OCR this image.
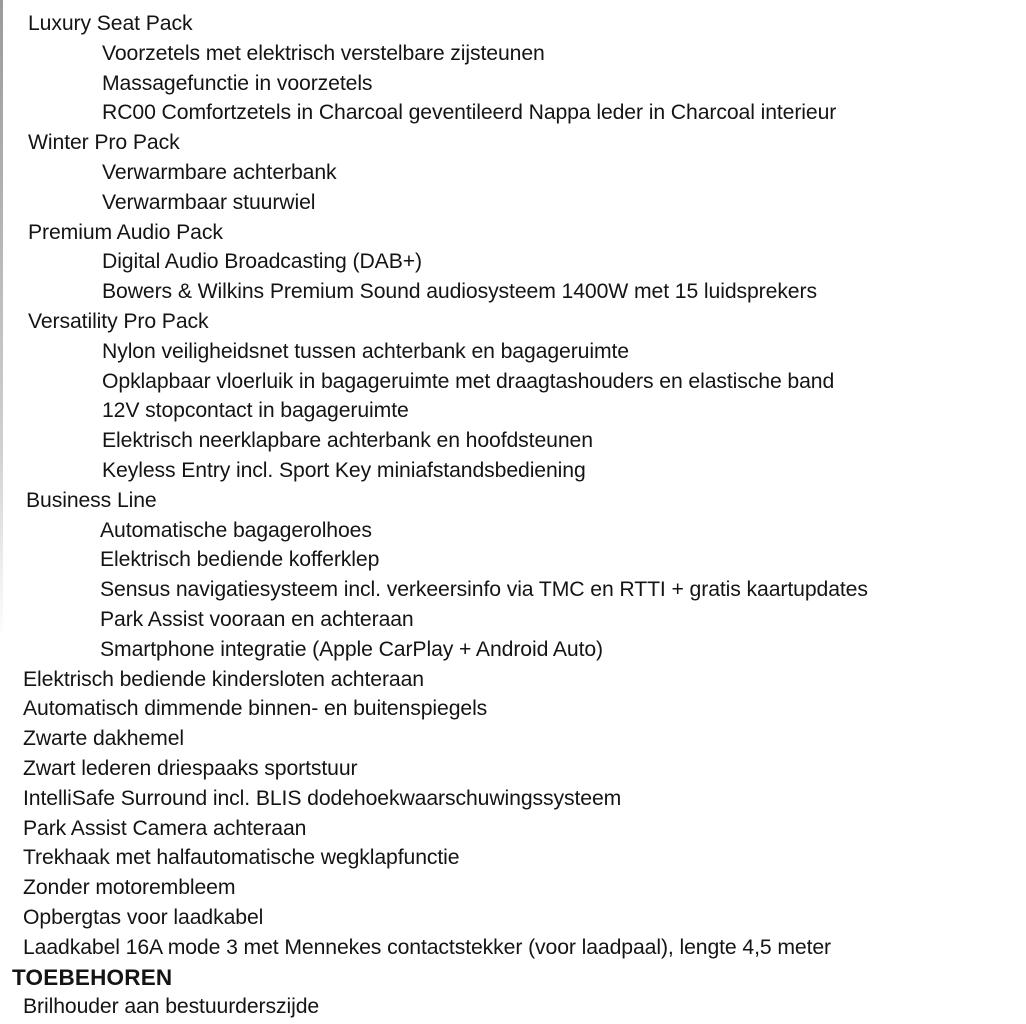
Luxury Seat Pack
Voorzetels met elektrisch verstelbare zijsteunen
Massagefunctie in voorzetels
RC00 Comfortzetels in Charcoal geventileerd Nappa leder in Charcoal interieur
Winter Pro Pack
Verwarmbare achterbank
Verwarmbaar stuurwiel
Premium Audio Pack
Digital Audio Broadcasting (DAB+)
Bowers & Wilkins Premium Sound audiosysteem 1400W met 15 luidsprekers
Versatility Pro Pack
Nylon veiligheidsnet tussen achterbank en bagageruimte
Opklapbaar vloerluik in bagageruimte met draagtashouders en elastische band
12V stopcontact in bagageruimte
Elektrisch neerklapbare achterbank en hoofdsteunen
Keyless Entry incl. Sport Key miniafstandsbediening
Business Line
Automatische bagagerolhoes
Elektrisch bediende kofferklep
Sensus navigatiesysteem incl. verkeersinfo via TMC en RTTI + gratis kaartupdates
Park Assist vooraan en achteraan
Smartphone integratie (Apple CarPlay + Android Auto)
Elektrisch bediende kindersloten achteraan
Automatisch dimmende binnen- en buitenspiegels
Zwarte dakhemel
Zwart lederen driespaaks sportstuur
IntelliSafe Surround incl. BLIS dodehoekwaarschuwingssysteem
Park Assist Camera achteraan
Trekhaak met halfautomatische wegklapfunctie
Zonder motorembleem
Opbergtas voor laadkabel
Laadkabel 16A mode 3 met Mennekes contactstekker (voor laadpaal), lengte 4,5 meter
TOEBEHOREN
Brilhouder aan bestuurderszijde
